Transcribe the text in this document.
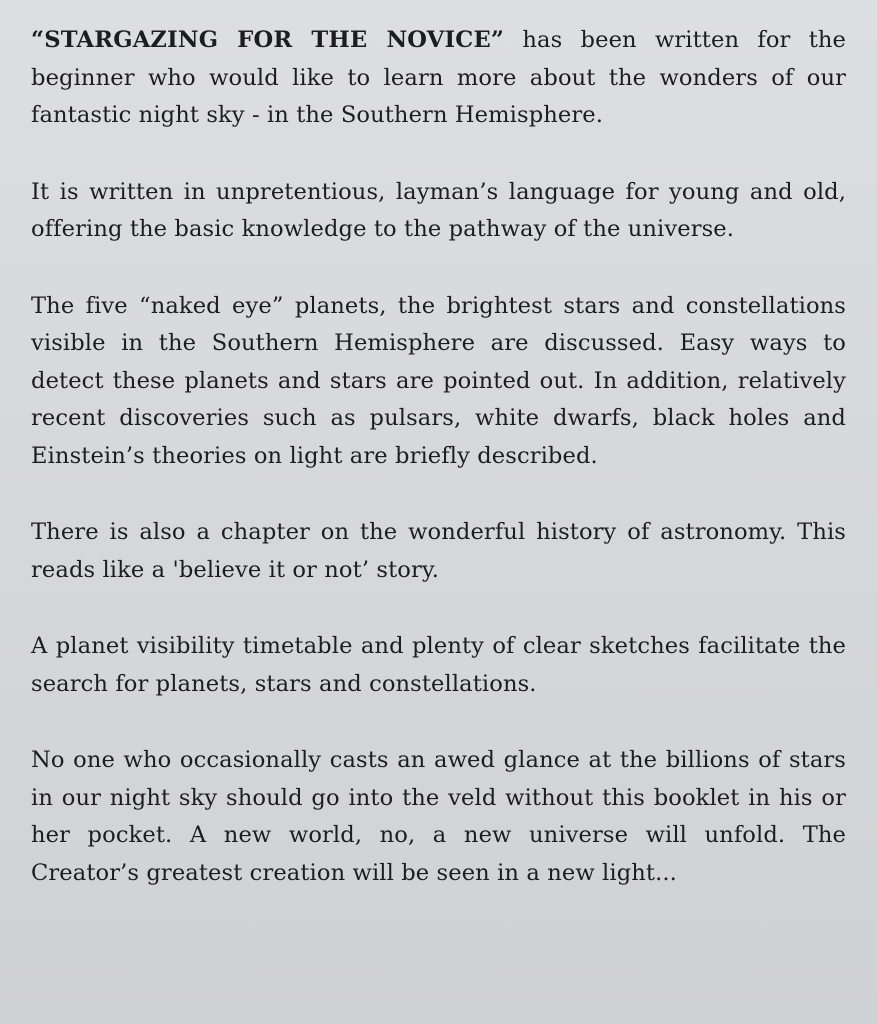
“STARGAZING FOR THE NOVICE” has been written for the beginner who would like to learn more about the wonders of our fantastic night sky - in the Southern Hemisphere.

It is written in unpretentious, layman’s language for young and old, offering the basic knowledge to the pathway of the universe.

The five “naked eye” planets, the brightest stars and constellations visible in the Southern Hemisphere are discussed. Easy ways to detect these planets and stars are pointed out. In addition, relatively recent discoveries such as pulsars, white dwarfs, black holes and Einstein’s theories on light are briefly described.

There is also a chapter on the wonderful history of astronomy. This reads like a 'believe it or not’ story.

A planet visibility timetable and plenty of clear sketches facilitate the search for planets, stars and constellations.

No one who occasionally casts an awed glance at the billions of stars in our night sky should go into the veld without this booklet in his or her pocket. A new world, no, a new universe will unfold. The Creator’s greatest creation will be seen in a new light...
